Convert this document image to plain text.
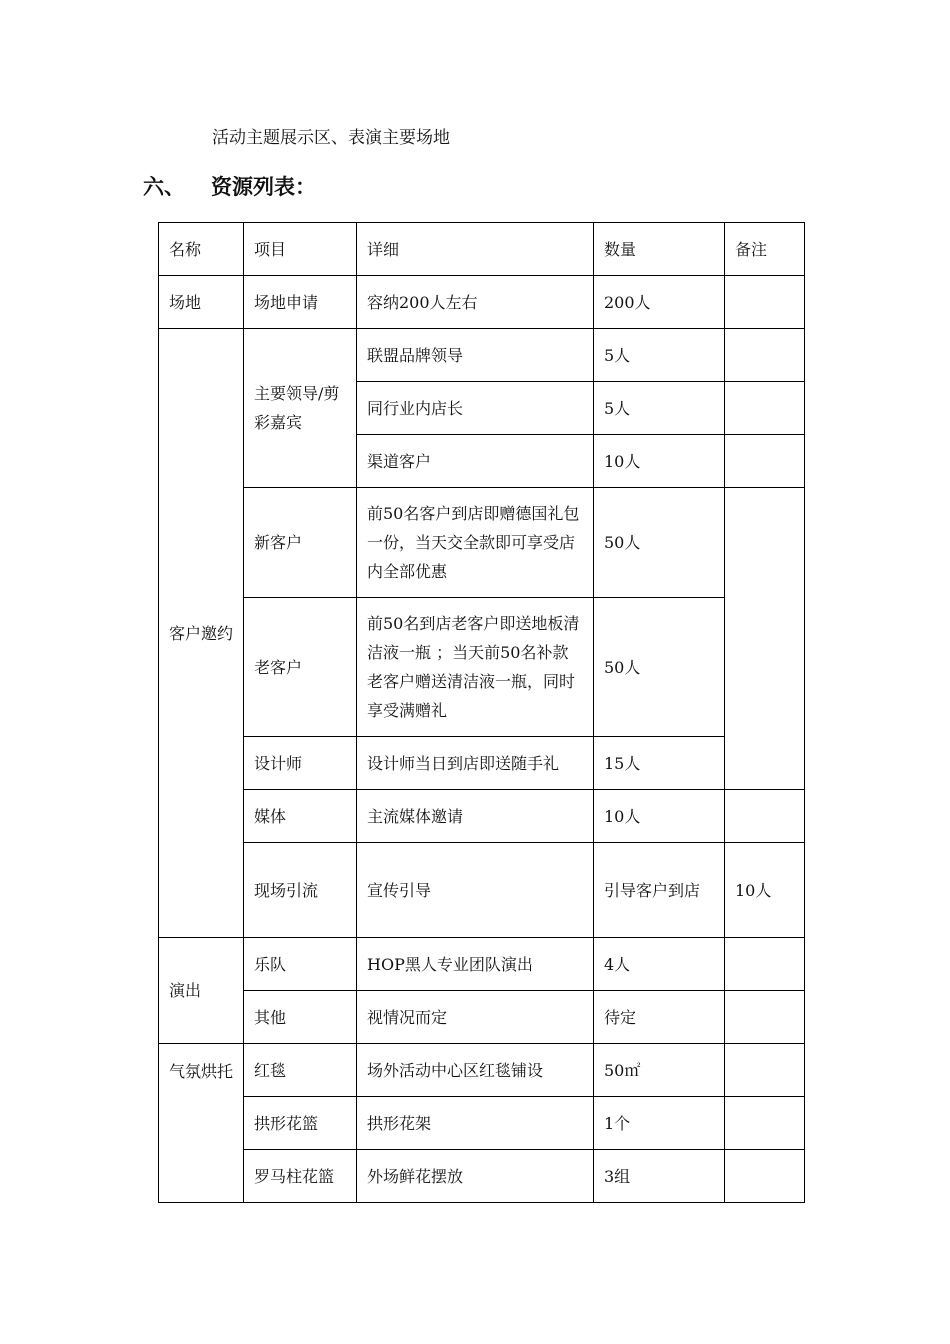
活动主题展示区、表演主要场地

六、 资源列表：
名称	项目	详细	数量	备注	
场地	场地申请	容纳200人左右	200人		
客户邀约	主要领导/剪彩嘉宾	联盟品牌领导	5人		
		同行业内店长	5人		
		渠道客户	10人		
	新客户	前50名客户到店即赠德国礼包一份，当天交全款即可享受店内全部优惠	50人		
	老客户	前50名到店老客户即送地板清洁液一瓶 ；当天前50名补款老客户赠送清洁液一瓶，同时享受满赠礼	50人		
	设计师	设计师当日到店即送随手礼	15人		
	媒体	主流媒体邀请	10人		
	现场引流	宣传引导	引导客户到店	10人	
演出	乐队	HOP黑人专业团队演出	4人		
	其他	视情况而定	待定		
气氛烘托	红毯	场外活动中心区红毯铺设	50㎡		
	拱形花篮	拱形花架	1个		
	罗马柱花篮	外场鲜花摆放	3组		
